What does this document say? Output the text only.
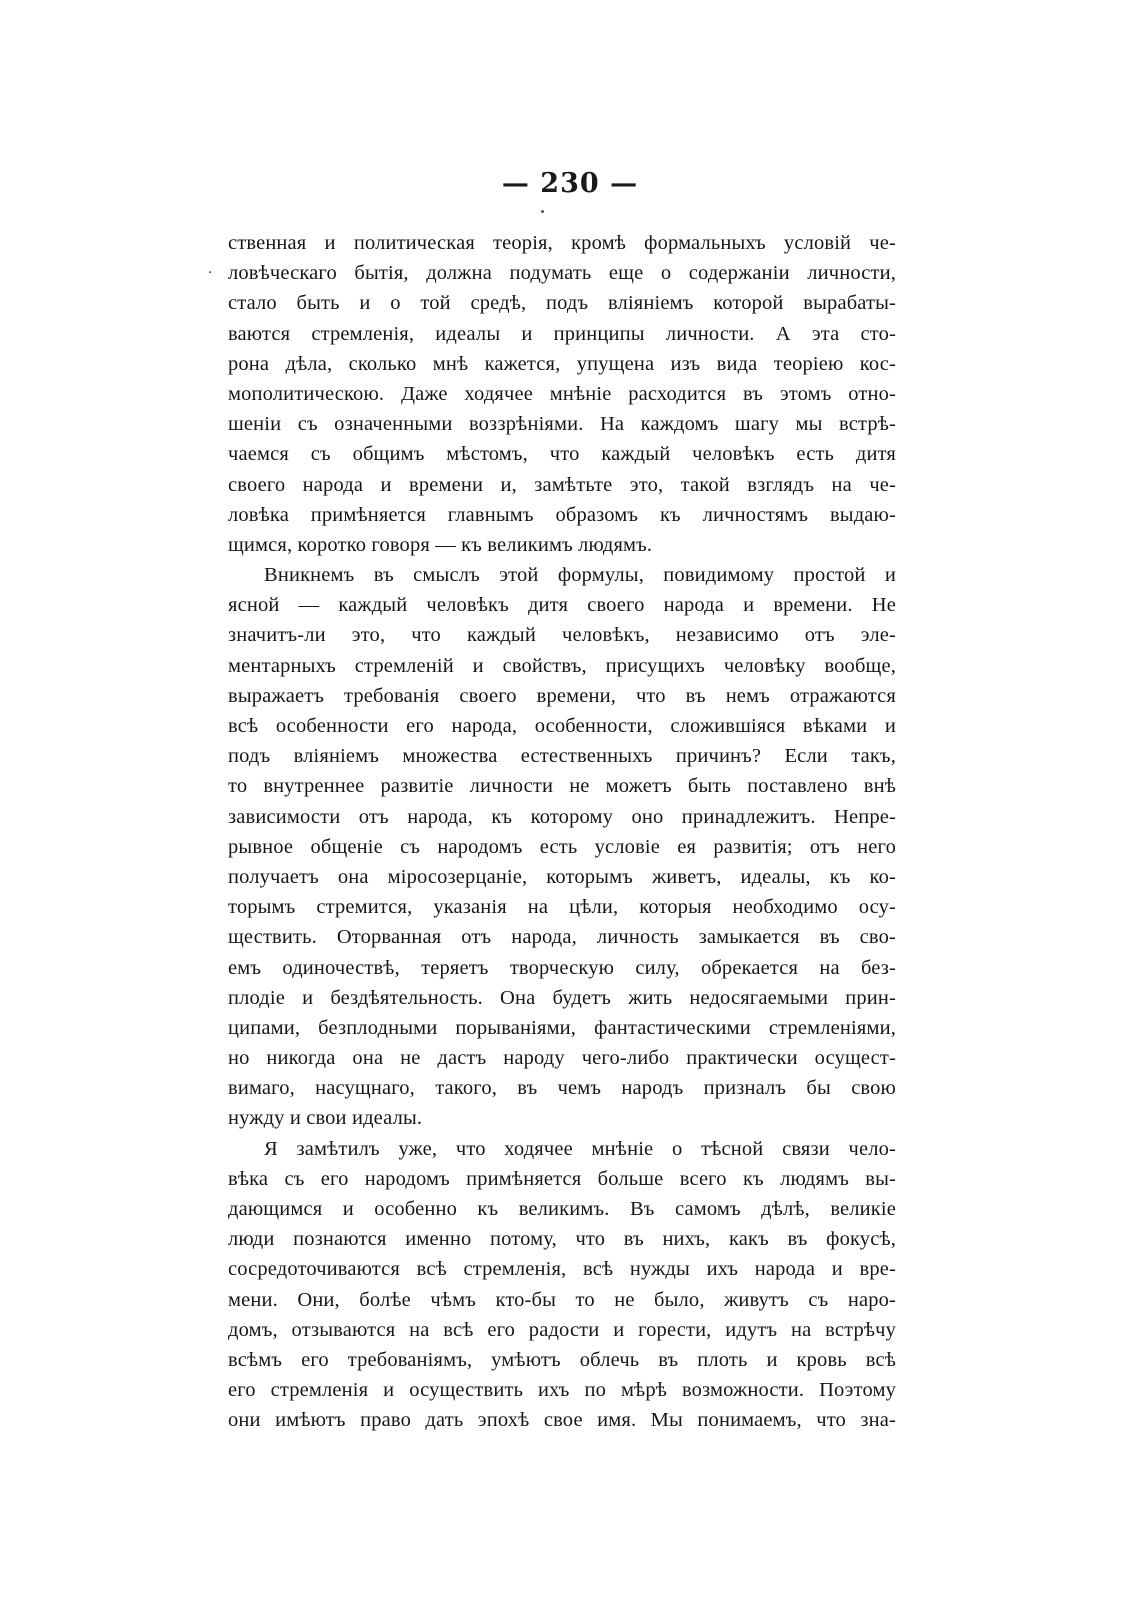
— 230 —
·
ственная и политическая теорія, кромѣ формальныхъ условій че-
ловѣческаго бытія, должна подумать еще о содержаніи личности,
стало быть и о той средѣ, подъ вліяніемъ которой вырабаты-
ваются стремленія, идеалы и принципы личности. А эта сто-
рона дѣла, сколько мнѣ кажется, упущена изъ вида теоріею кос-
мополитическою. Даже ходячее мнѣніе расходится въ этомъ отно-
шеніи съ означенными воззрѣніями. На каждомъ шагу мы встрѣ-
чаемся съ общимъ мѣстомъ, что каждый человѣкъ есть дитя
своего народа и времени и, замѣтьте это, такой взглядъ на че-
ловѣка примѣняется главнымъ образомъ къ личностямъ выдаю-
щимся, коротко говоря — къ великимъ людямъ.
Вникнемъ въ смыслъ этой формулы, повидимому простой и
ясной — каждый человѣкъ дитя своего народа и времени. Не
значитъ-ли это, что каждый человѣкъ, независимо отъ эле-
ментарныхъ стремленій и свойствъ, присущихъ человѣку вообще,
выражаетъ требованія своего времени, что въ немъ отражаются
всѣ особенности его народа, особенности, сложившіяся вѣками и
подъ вліяніемъ множества естественныхъ причинъ? Если такъ,
то внутреннее развитіе личности не можетъ быть поставлено внѣ
зависимости отъ народа, къ которому оно принадлежитъ. Непре-
рывное общеніе съ народомъ есть условіе ея развитія; отъ него
получаетъ она міросозерцаніе, которымъ живетъ, идеалы, къ ко-
торымъ стремится, указанія на цѣли, которыя необходимо осу-
ществить. Оторванная отъ народа, личность замыкается въ сво-
емъ одиночествѣ, теряетъ творческую силу, обрекается на без-
плодіе и бездѣятельность. Она будетъ жить недосягаемыми прин-
ципами, безплодными порываніями, фантастическими стремленіями,
но никогда она не дастъ народу чего-либо практически осущест-
вимаго, насущнаго, такого, въ чемъ народъ призналъ бы свою
нужду и свои идеалы.
Я замѣтилъ уже, что ходячее мнѣніе о тѣсной связи чело-
вѣка съ его народомъ примѣняется больше всего къ людямъ вы-
дающимся и особенно къ великимъ. Въ самомъ дѣлѣ, великіе
люди познаются именно потому, что въ нихъ, какъ въ фокусѣ,
сосредоточиваются всѣ стремленія, всѣ нужды ихъ народа и вре-
мени. Они, болѣе чѣмъ кто-бы то не было, живутъ съ наро-
домъ, отзываются на всѣ его радости и горести, идутъ на встрѣчу
всѣмъ его требованіямъ, умѣютъ облечь въ плоть и кровь всѣ
его стремленія и осуществить ихъ по мѣрѣ возможности. Поэтому
они имѣютъ право дать эпохѣ свое имя. Мы понимаемъ, что зна-
